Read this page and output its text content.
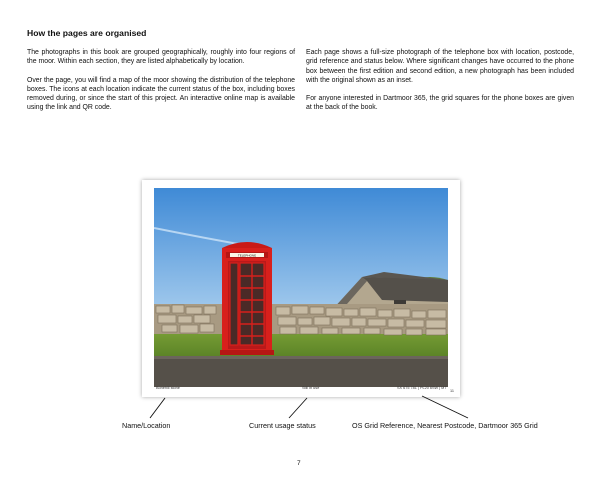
How the pages are organised

The photographs in this book are grouped geographically, roughly into four regions of the moor. Within each section, they are listed alphabetically by location.

Over the page, you will find a map of the moor showing the distribution of the telephone boxes. The icons at each location indicate the current status of the box, including boxes removed during, or since the start of this project. An interactive online map is available using the link and QR code.

Each page shows a full-size photograph of the telephone box with location, postcode, grid reference and status below. Where significant changes have occurred to the phone box between the first edition and second edition, a new photograph has been included with the original shown as an inset.

For anyone interested in Dartmoor 365, the grid squares for the phone boxes are given at the back of the book.

TELEPHONE
Bonehill stone	Still in use	SX 675 781 | PL20 6SW | M7
11
Name/Location	Current usage status	OS Grid Reference, Nearest Postcode, Dartmoor 365 Grid
7
